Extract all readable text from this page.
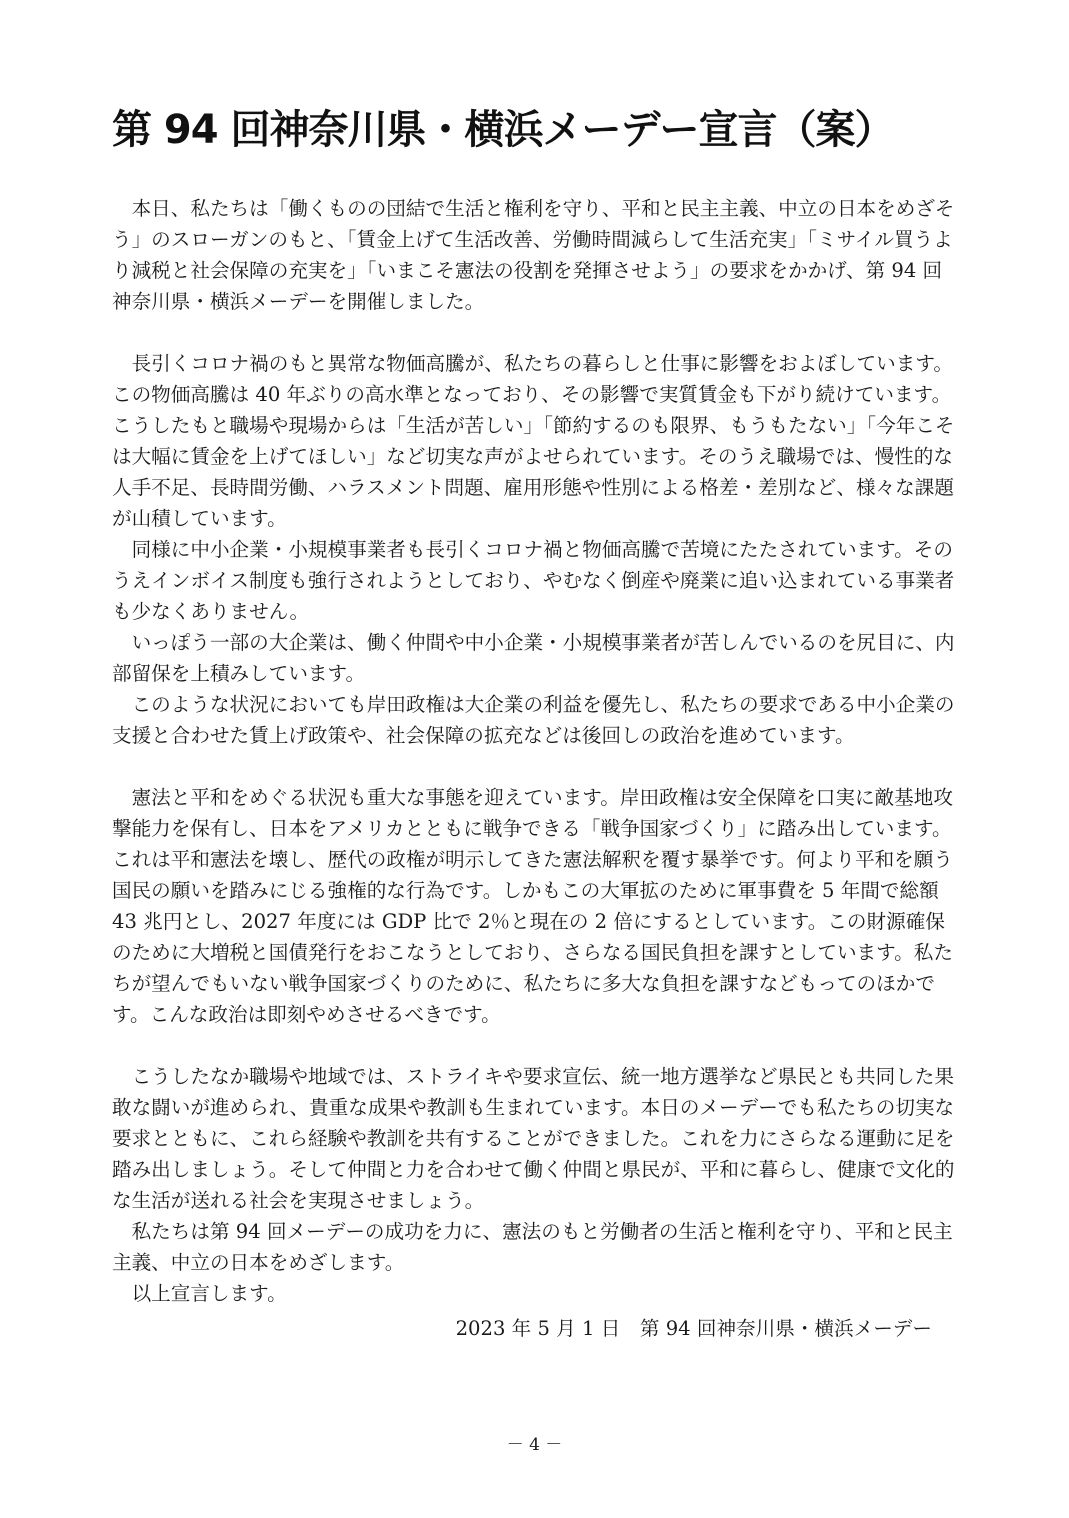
第 94 回神奈川県・横浜メーデー宣言（案）

本日、私たちは「働くものの団結で生活と権利を守り、平和と民主主義、中立の日本をめざそう」のスローガンのもと、「賃金上げて生活改善、労働時間減らして生活充実」「ミサイル買うより減税と社会保障の充実を」「いまこそ憲法の役割を発揮させよう」の要求をかかげ、第 94 回神奈川県・横浜メーデーを開催しました。

長引くコロナ禍のもと異常な物価高騰が、私たちの暮らしと仕事に影響をおよぼしています。この物価高騰は 40 年ぶりの高水準となっており、その影響で実質賃金も下がり続けています。こうしたもと職場や現場からは「生活が苦しい」「節約するのも限界、もうもたない」「今年こそは大幅に賃金を上げてほしい」など切実な声がよせられています。そのうえ職場では、慢性的な人手不足、長時間労働、ハラスメント問題、雇用形態や性別による格差・差別など、様々な課題が山積しています。

同様に中小企業・小規模事業者も長引くコロナ禍と物価高騰で苦境にたたされています。そのうえインボイス制度も強行されようとしており、やむなく倒産や廃業に追い込まれている事業者も少なくありません。

いっぽう一部の大企業は、働く仲間や中小企業・小規模事業者が苦しんでいるのを尻目に、内部留保を上積みしています。

このような状況においても岸田政権は大企業の利益を優先し、私たちの要求である中小企業の支援と合わせた賃上げ政策や、社会保障の拡充などは後回しの政治を進めています。

憲法と平和をめぐる状況も重大な事態を迎えています。岸田政権は安全保障を口実に敵基地攻撃能力を保有し、日本をアメリカとともに戦争できる「戦争国家づくり」に踏み出しています。これは平和憲法を壊し、歴代の政権が明示してきた憲法解釈を覆す暴挙です。何より平和を願う国民の願いを踏みにじる強権的な行為です。しかもこの大軍拡のために軍事費を 5 年間で総額 43 兆円とし、2027 年度には GDP 比で 2％と現在の 2 倍にするとしています。この財源確保のために大増税と国債発行をおこなうとしており、さらなる国民負担を課すとしています。私たちが望んでもいない戦争国家づくりのために、私たちに多大な負担を課すなどもってのほかです。こんな政治は即刻やめさせるべきです。

こうしたなか職場や地域では、ストライキや要求宣伝、統一地方選挙など県民とも共同した果敢な闘いが進められ、貴重な成果や教訓も生まれています。本日のメーデーでも私たちの切実な要求とともに、これら経験や教訓を共有することができました。これを力にさらなる運動に足を踏み出しましょう。そして仲間と力を合わせて働く仲間と県民が、平和に暮らし、健康で文化的な生活が送れる社会を実現させましょう。

私たちは第 94 回メーデーの成功を力に、憲法のもと労働者の生活と権利を守り、平和と民主主義、中立の日本をめざします。

以上宣言します。

2023 年 5 月 1 日　第 94 回神奈川県・横浜メーデー

－ 4 －
